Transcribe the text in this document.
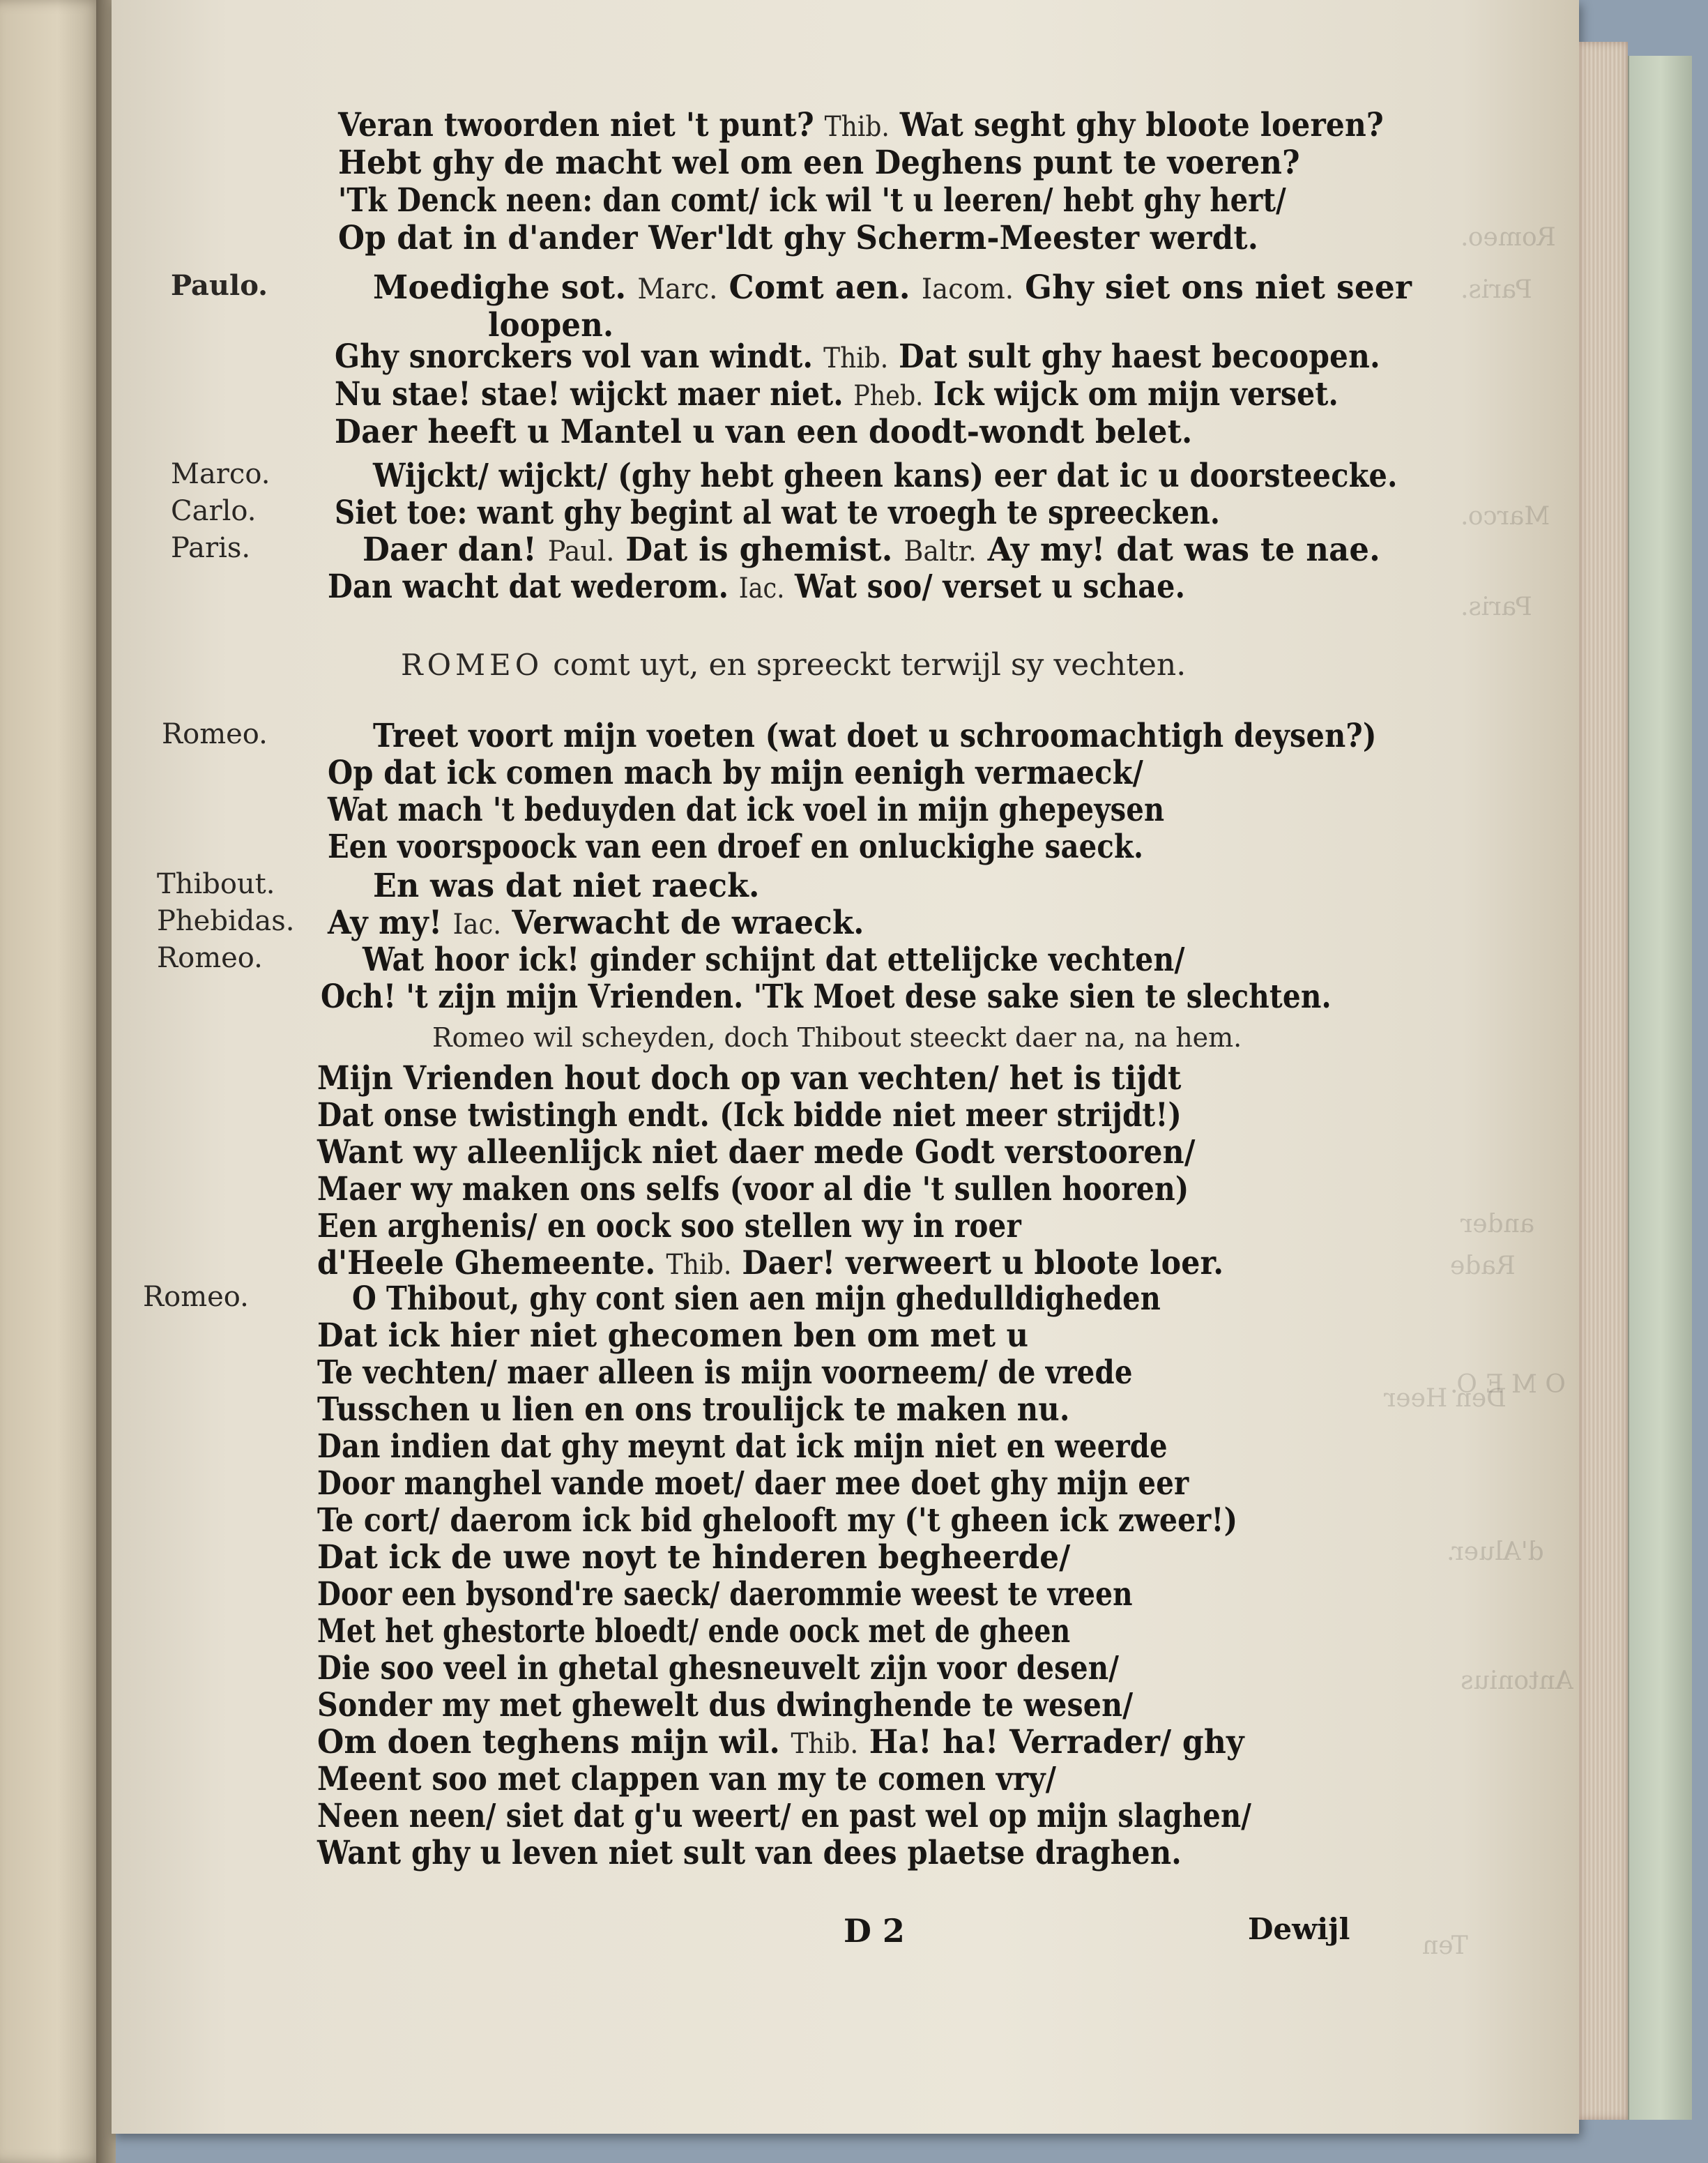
Romeo.
Paris.
Marco.
Paris.
ander
Rade
O M E O.
Den Heer
d'Aluer.
Antonius
Ten
Veran twoorden niet 't punt? Thib. Wat seght ghy bloote loeren?
Hebt ghy de macht wel om een Deghens punt te voeren?
'Tk Denck neen: dan comt/ ick wil 't u leeren/ hebt ghy hert/
Op dat in d'ander Wer'ldt ghy Scherm-Meester werdt.
Moedighe sot. Marc. Comt aen. Iacom. Ghy siet ons niet seer
loopen.
Ghy snorckers vol van windt. Thib. Dat sult ghy haest becoopen.
Nu stae! stae! wijckt maer niet. Pheb. Ick wijck om mijn verset.
Daer heeft u Mantel u van een doodt-wondt belet.
Wijckt/ wijckt/ (ghy hebt gheen kans) eer dat ic u doorsteecke.
Siet toe: want ghy begint al wat te vroegh te spreecken.
Daer dan! Paul. Dat is ghemist. Baltr. Ay my! dat was te nae.
Dan wacht dat wederom. Iac. Wat soo/ verset u schae.
Treet voort mijn voeten (wat doet u schroomachtigh deysen?)
Op dat ick comen mach by mijn eenigh vermaeck/
Wat mach 't beduyden dat ick voel in mijn ghepeysen
Een voorspoock van een droef en onluckighe saeck.
En was dat niet raeck.
Ay my! Iac. Verwacht de wraeck.
Wat hoor ick! ginder schijnt dat ettelijcke vechten/
Och! 't zijn mijn Vrienden. 'Tk Moet dese sake sien te slechten.
Mijn Vrienden hout doch op van vechten/ het is tijdt
Dat onse twistingh endt. (Ick bidde niet meer strijdt!)
Want wy alleenlijck niet daer mede Godt verstooren/
Maer wy maken ons selfs (voor al die 't sullen hooren)
Een arghenis/ en oock soo stellen wy in roer
d'Heele Ghemeente. Thib. Daer! verweert u bloote loer.
O Thibout, ghy cont sien aen mijn ghedulldigheden
Dat ick hier niet ghecomen ben om met u
Te vechten/ maer alleen is mijn voorneem/ de vrede
Tusschen u lien en ons troulijck te maken nu.
Dan indien dat ghy meynt dat ick mijn niet en weerde
Door manghel vande moet/ daer mee doet ghy mijn eer
Te cort/ daerom ick bid ghelooft my ('t gheen ick zweer!)
Dat ick de uwe noyt te hinderen begheerde/
Door een bysond're saeck/ daerommie weest te vreen
Met het ghestorte bloedt/ ende oock met de gheen
Die soo veel in ghetal ghesneuvelt zijn voor desen/
Sonder my met ghewelt dus dwinghende te wesen/
Om doen teghens mijn wil. Thib. Ha! ha! Verrader/ ghy
Meent soo met clappen van my te comen vry/
Neen neen/ siet dat g'u weert/ en past wel op mijn slaghen/
Want ghy u leven niet sult van dees plaetse draghen.
Paulo.
Marco.
Carlo.
Paris.
ROMEO comt uyt, en spreeckt terwijl sy vechten.
Romeo.
Thibout.
Phebidas.
Romeo.
Romeo wil scheyden, doch Thibout steeckt daer na, na hem.
Romeo.
D 2	Dewijl
